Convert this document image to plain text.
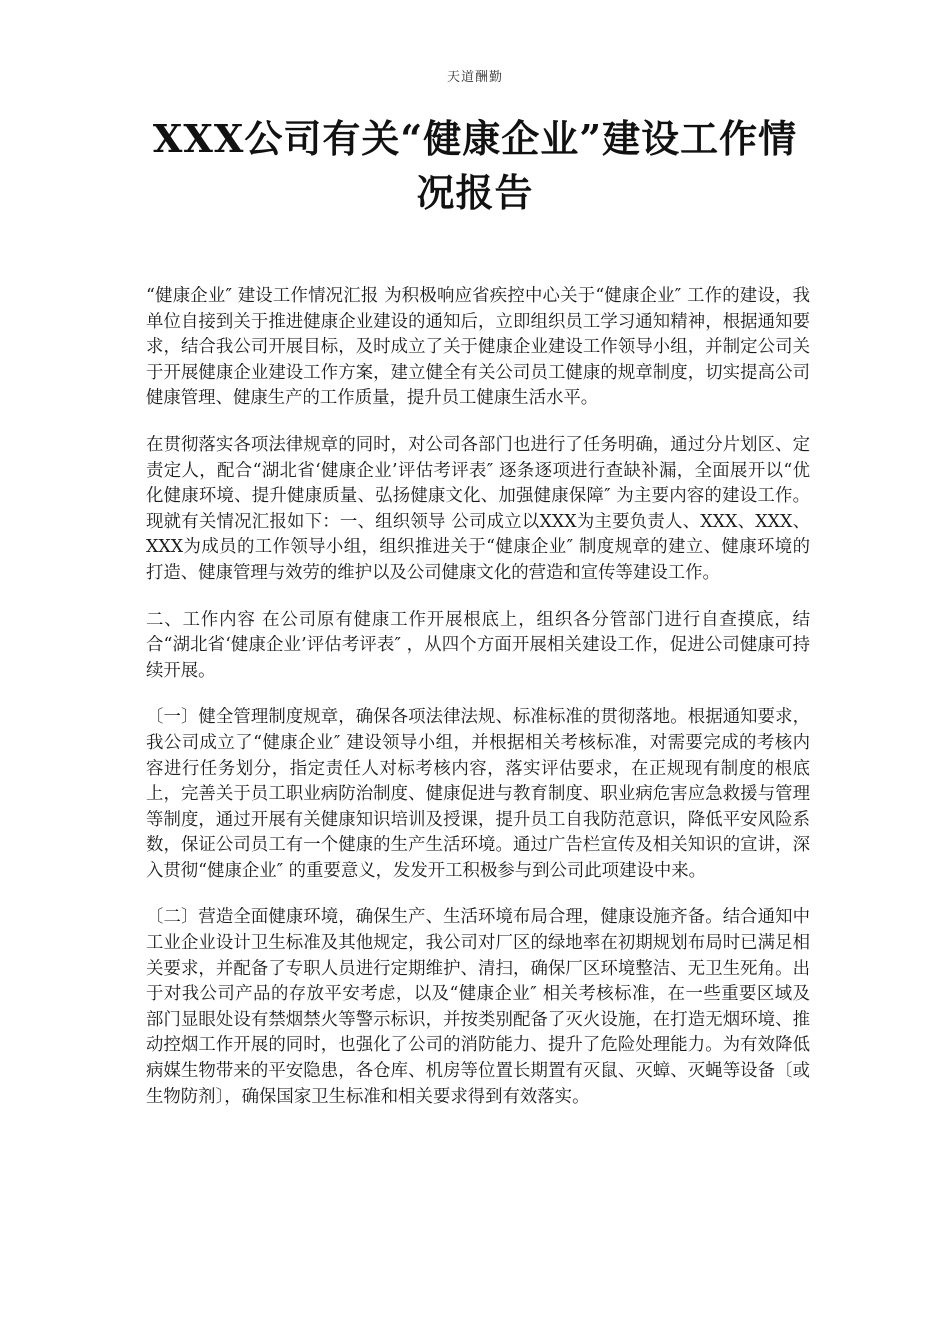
天道酬勤
XXX公司有关“健康企业”建设工作情况报告

“健康企业″ 建设工作情况汇报 为积极响应省疾控中心关于“健康企业″ 工作的建设，我单位自接到关于推进健康企业建设的通知后，立即组织员工学习通知精神，根据通知要求，结合我公司开展目标，及时成立了关于健康企业建设工作领导小组，并制定公司关于开展健康企业建设工作方案，建立健全有关公司员工健康的规章制度，切实提高公司健康管理、健康生产的工作质量，提升员工健康生活水平。

在贯彻落实各项法律规章的同时，对公司各部门也进行了任务明确，通过分片划区、定责定人，配合“湖北省‘健康企业’评估考评表″ 逐条逐项进行查缺补漏，全面展开以“优化健康环境、提升健康质量、弘扬健康文化、加强健康保障″ 为主要内容的建设工作。现就有关情况汇报如下：一、组织领导 公司成立以XXX为主要负责人、XXX、XXX、XXX为成员的工作领导小组，组织推进关于“健康企业″ 制度规章的建立、健康环境的打造、健康管理与效劳的维护以及公司健康文化的营造和宣传等建设工作。

二、工作内容 在公司原有健康工作开展根底上，组织各分管部门进行自查摸底，结合“湖北省‘健康企业’评估考评表″ ，从四个方面开展相关建设工作，促进公司健康可持续开展。

〔一〕健全管理制度规章，确保各项法律法规、标准标准的贯彻落地。根据通知要求，我公司成立了“健康企业″ 建设领导小组，并根据相关考核标准，对需要完成的考核内容进行任务划分，指定责任人对标考核内容，落实评估要求，在正规现有制度的根底上，完善关于员工职业病防治制度、健康促进与教育制度、职业病危害应急救援与管理等制度，通过开展有关健康知识培训及授课，提升员工自我防范意识，降低平安风险系数，保证公司员工有一个健康的生产生活环境。通过广告栏宣传及相关知识的宣讲，深入贯彻“健康企业″ 的重要意义，发发开工积极参与到公司此项建设中来。

〔二〕营造全面健康环境，确保生产、生活环境布局合理，健康设施齐备。结合通知中工业企业设计卫生标准及其他规定，我公司对厂区的绿地率在初期规划布局时已满足相关要求，并配备了专职人员进行定期维护、清扫，确保厂区环境整洁、无卫生死角。出于对我公司产品的存放平安考虑，以及“健康企业″ 相关考核标准，在一些重要区域及部门显眼处设有禁烟禁火等警示标识，并按类别配备了灭火设施，在打造无烟环境、推动控烟工作开展的同时，也强化了公司的消防能力、提升了危险处理能力。为有效降低病媒生物带来的平安隐患，各仓库、机房等位置长期置有灭鼠、灭蟑、灭蝇等设备〔或生物防剂〕，确保国家卫生标准和相关要求得到有效落实。
